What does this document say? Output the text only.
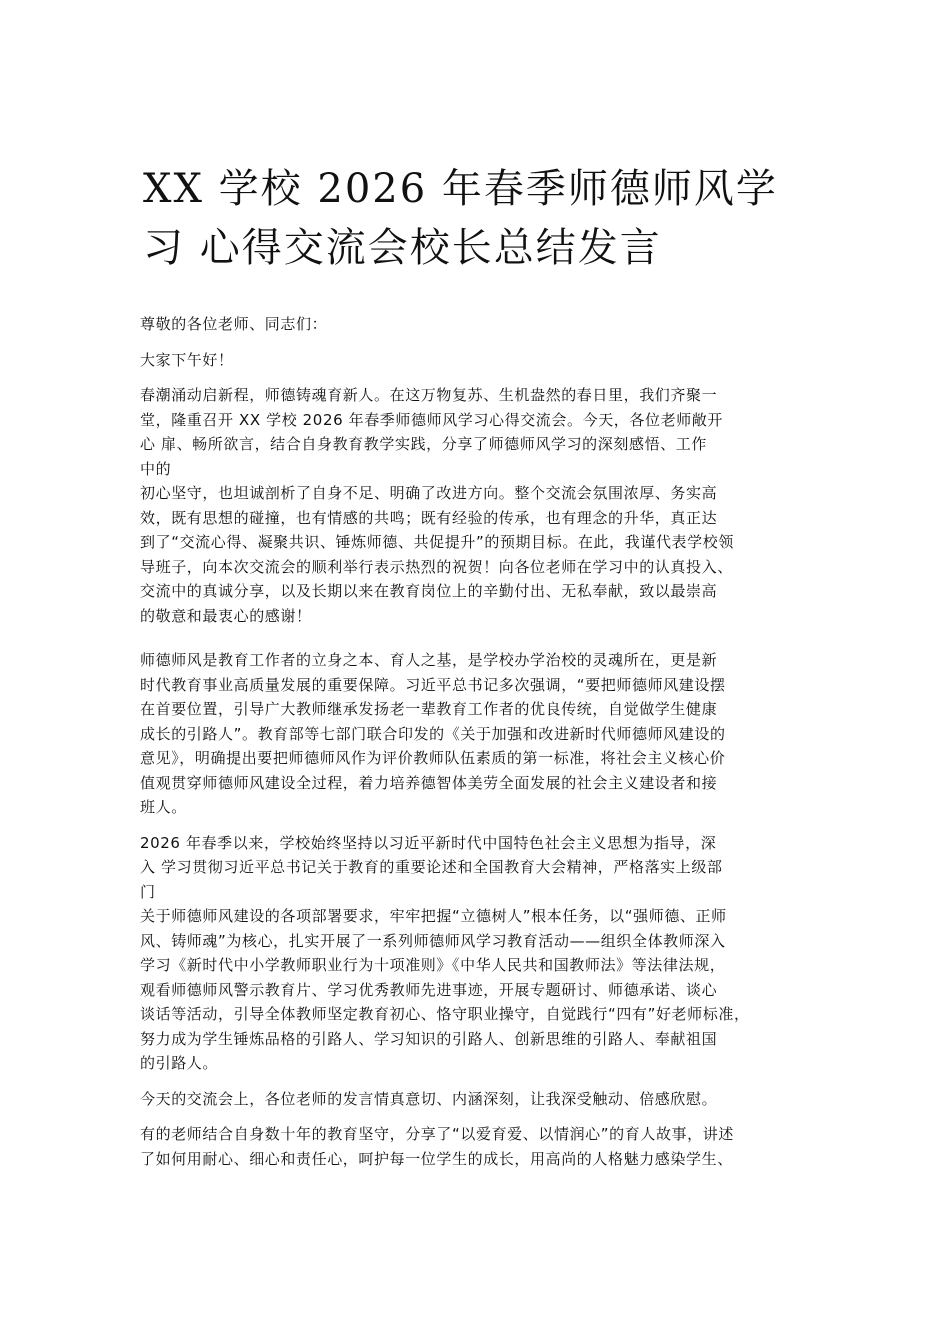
XX 学校 2026 年春季师德师风学
习 心得交流会校长总结发言
尊敬的各位老师、同志们：
大家下午好！
春潮涌动启新程，师德铸魂育新人。在这万物复苏、生机盎然的春日里，我们齐聚一
堂，隆重召开 XX 学校 2026 年春季师德师风学习心得交流会。今天，各位老师敞开
心 扉、畅所欲言，结合自身教育教学实践，分享了师德师风学习的深刻感悟、工作
中的
初心坚守，也坦诚剖析了自身不足、明确了改进方向。整个交流会氛围浓厚、务实高
效，既有思想的碰撞，也有情感的共鸣；既有经验的传承，也有理念的升华，真正达
到了“交流心得、凝聚共识、锤炼师德、共促提升”的预期目标。在此，我谨代表学校领
导班子，向本次交流会的顺利举行表示热烈的祝贺！向各位老师在学习中的认真投入、
交流中的真诚分享，以及长期以来在教育岗位上的辛勤付出、无私奉献，致以最崇高
的敬意和最衷心的感谢！
师德师风是教育工作者的立身之本、育人之基，是学校办学治校的灵魂所在，更是新
时代教育事业高质量发展的重要保障。习近平总书记多次强调，“要把师德师风建设摆
在首要位置，引导广大教师继承发扬老一辈教育工作者的优良传统，自觉做学生健康
成长的引路人”。教育部等七部门联合印发的《关于加强和改进新时代师德师风建设的
意见》，明确提出要把师德师风作为评价教师队伍素质的第一标准，将社会主义核心价
值观贯穿师德师风建设全过程，着力培养德智体美劳全面发展的社会主义建设者和接
班人。
2026 年春季以来，学校始终坚持以习近平新时代中国特色社会主义思想为指导，深
入 学习贯彻习近平总书记关于教育的重要论述和全国教育大会精神，严格落实上级部
门
关于师德师风建设的各项部署要求，牢牢把握“立德树人”根本任务，以“强师德、正师
风、铸师魂”为核心，扎实开展了一系列师德师风学习教育活动——组织全体教师深入
学习《新时代中小学教师职业行为十项准则》《中华人民共和国教师法》等法律法规，
观看师德师风警示教育片、学习优秀教师先进事迹，开展专题研讨、师德承诺、谈心
谈话等活动，引导全体教师坚定教育初心、恪守职业操守，自觉践行“四有”好老师标准，
努力成为学生锤炼品格的引路人、学习知识的引路人、创新思维的引路人、奉献祖国
的引路人。
今天的交流会上，各位老师的发言情真意切、内涵深刻，让我深受触动、倍感欣慰。
有的老师结合自身数十年的教育坚守，分享了“以爱育爱、以情润心”的育人故事，讲述
了如何用耐心、细心和责任心，呵护每一位学生的成长，用高尚的人格魅力感染学生、
